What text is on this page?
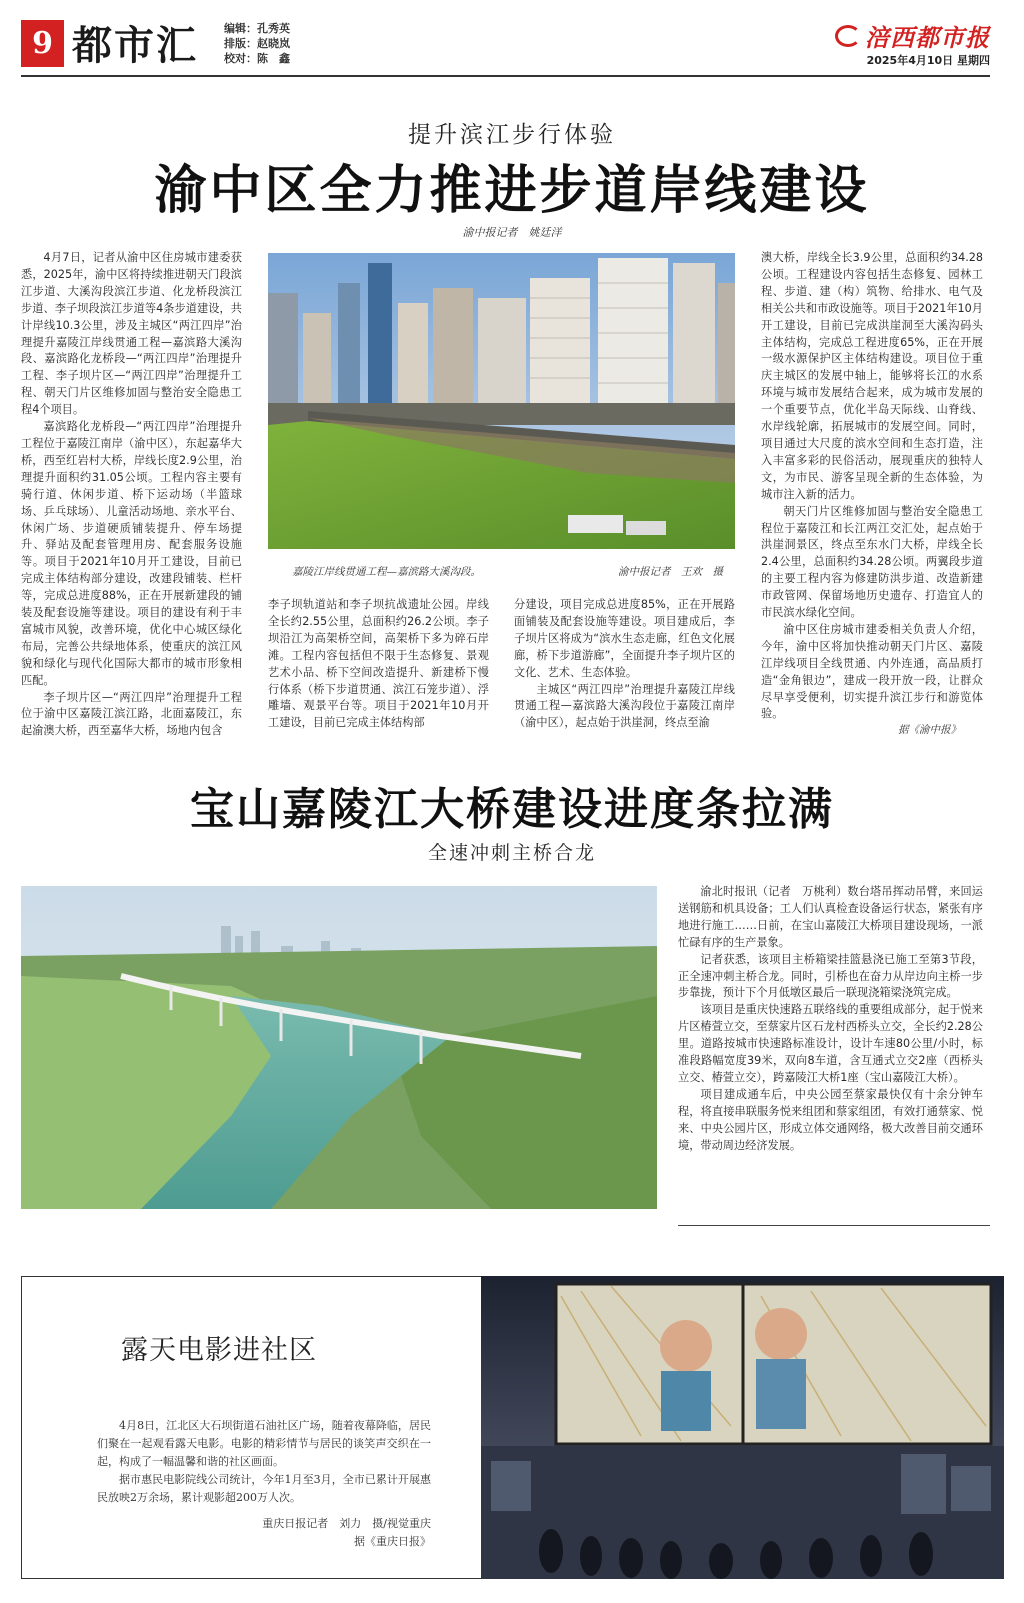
9 都市汇 编辑：孔秀英
排版：赵晓岚
校对：陈　鑫
涪西都市报
2025年4月10日 星期四
提升滨江步行体验
渝中区全力推进步道岸线建设
渝中报记者　姚廷洋

4月7日，记者从渝中区住房城市建委获悉，2025年，渝中区将持续推进朝天门段滨江步道、大溪沟段滨江步道、化龙桥段滨江步道、李子坝段滨江步道等4条步道建设，共计岸线10.3公里，涉及主城区“两江四岸”治理提升嘉陵江岸线贯通工程—嘉滨路大溪沟段、嘉滨路化龙桥段—“两江四岸”治理提升工程、李子坝片区—“两江四岸”治理提升工程、朝天门片区维修加固与整治安全隐患工程4个项目。

嘉滨路化龙桥段—“两江四岸”治理提升工程位于嘉陵江南岸（渝中区），东起嘉华大桥，西至红岩村大桥，岸线长度2.9公里，治理提升面积约31.05公顷。工程内容主要有骑行道、休闲步道、桥下运动场（半篮球场、乒乓球场）、儿童活动场地、亲水平台、休闲广场、步道硬质铺装提升、停车场提升、驿站及配套管理用房、配套服务设施等。项目于2021年10月开工建设，目前已完成主体结构部分建设，改建段铺装、栏杆等，完成总进度88%，正在开展新建段的铺装及配套设施等建设。项目的建设有利于丰富城市风貌，改善环境，优化中心城区绿化布局，完善公共绿地体系，使重庆的滨江风貌和绿化与现代化国际大都市的城市形象相匹配。

李子坝片区—“两江四岸”治理提升工程位于渝中区嘉陵江滨江路，北面嘉陵江，东起渝澳大桥，西至嘉华大桥，场地内包含

嘉陵江岸线贯通工程—嘉滨路大溪沟段。	渝中报记者　王欢　摄

李子坝轨道站和李子坝抗战遗址公园。岸线全长约2.55公里，总面积约26.2公顷。李子坝沿江为高架桥空间，高架桥下多为碎石岸滩。工程内容包括但不限于生态修复、景观艺术小品、桥下空间改造提升、新建桥下慢行体系（桥下步道贯通、滨江石笼步道）、浮雕墙、观景平台等。项目于2021年10月开工建设，目前已完成主体结构部

分建设，项目完成总进度85%，正在开展路面铺装及配套设施等建设。项目建成后，李子坝片区将成为“滨水生态走廊，红色文化展廊，桥下步道游廊”，全面提升李子坝片区的文化、艺术、生态体验。

主城区“两江四岸”治理提升嘉陵江岸线贯通工程—嘉滨路大溪沟段位于嘉陵江南岸（渝中区），起点始于洪崖洞，终点至渝

澳大桥，岸线全长3.9公里，总面积约34.28公顷。工程建设内容包括生态修复、园林工程、步道、建（构）筑物、给排水、电气及相关公共和市政设施等。项目于2021年10月开工建设，目前已完成洪崖洞至大溪沟码头主体结构，完成总工程进度65%，正在开展一级水源保护区主体结构建设。项目位于重庆主城区的发展中轴上，能够将长江的水系环境与城市发展结合起来，成为城市发展的一个重要节点，优化半岛天际线、山脊线、水岸线轮廓，拓展城市的发展空间。同时，项目通过大尺度的滨水空间和生态打造，注入丰富多彩的民俗活动，展现重庆的独特人文，为市民、游客呈现全新的生态体验，为城市注入新的活力。

朝天门片区维修加固与整治安全隐患工程位于嘉陵江和长江两江交汇处，起点始于洪崖洞景区，终点至东水门大桥，岸线全长2.4公里，总面积约34.28公顷。两翼段步道的主要工程内容为修建防洪步道、改造新建市政管网、保留场地历史遗存、打造宜人的市民滨水绿化空间。

渝中区住房城市建委相关负责人介绍，今年，渝中区将加快推动朝天门片区、嘉陵江岸线项目全线贯通、内外连通，高品质打造“金角银边”，建成一段开放一段，让群众尽早享受便利，切实提升滨江步行和游览体验。

据《渝中报》
宝山嘉陵江大桥建设进度条拉满
全速冲刺主桥合龙

渝北时报讯（记者　万桃利）数台塔吊挥动吊臂，来回运送钢筋和机具设备；工人们认真检查设备运行状态，紧张有序地进行施工……日前，在宝山嘉陵江大桥项目建设现场，一派忙碌有序的生产景象。

记者获悉，该项目主桥箱梁挂篮悬浇已施工至第3节段，正全速冲刺主桥合龙。同时，引桥也在奋力从岸边向主桥一步步靠拢，预计下个月低墩区最后一联现浇箱梁浇筑完成。

该项目是重庆快速路五联络线的重要组成部分，起于悦来片区椿萱立交，至蔡家片区石龙村西桥头立交，全长约2.28公里。道路按城市快速路标准设计，设计车速80公里/小时，标准段路幅宽度39米，双向8车道，含互通式立交2座（西桥头立交、椿萱立交），跨嘉陵江大桥1座（宝山嘉陵江大桥）。

项目建成通车后，中央公园至蔡家最快仅有十余分钟车程，将直接串联服务悦来组团和蔡家组团，有效打通蔡家、悦来、中央公园片区，形成立体交通网络，极大改善目前交通环境，带动周边经济发展。

露天电影进社区

4月8日，江北区大石坝街道石油社区广场，随着夜幕降临，居民们聚在一起观看露天电影。电影的精彩情节与居民的谈笑声交织在一起，构成了一幅温馨和谐的社区画面。

据市惠民电影院线公司统计，今年1月至3月，全市已累计开展惠民放映2万余场，累计观影超200万人次。

重庆日报记者　刘力　摄/视觉重庆
据《重庆日报》
